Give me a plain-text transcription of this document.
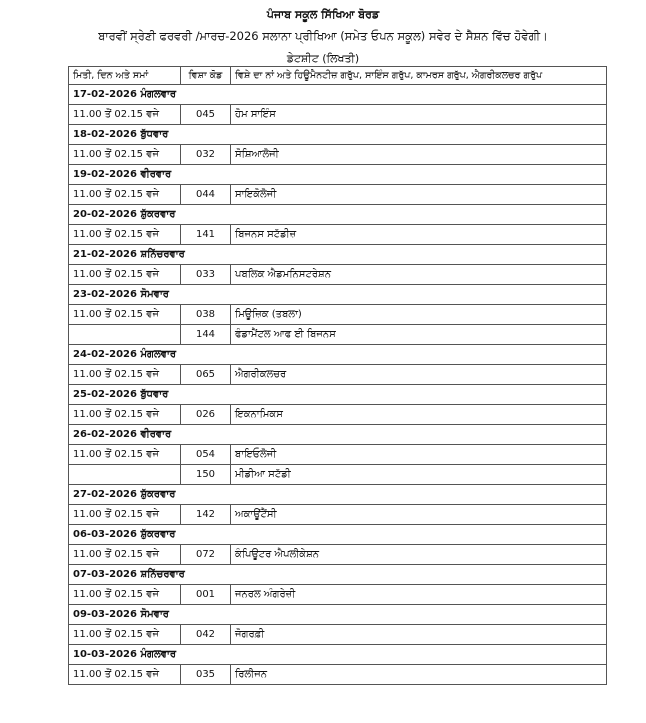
ਪੰਜਾਬ ਸਕੂਲ ਸਿੱਖਿਆ ਬੋਰਡ
ਬਾਰਵੀਂ ਸ੍ਰੇਣੀ ਫਰਵਰੀ /ਮਾਰਚ-2026 ਸਲਾਨਾ ਪ੍ਰੀਖਿਆ (ਸਮੇਤ ਓਪਨ ਸਕੂਲ) ਸਵੇਰ ਦੇ ਸੈਸ਼ਨ ਵਿੱਚ ਹੋਵੇਗੀ।
ਡੇਟਸ਼ੀਟ (ਲਿਖਤੀ)
ਮਿਤੀ, ਦਿਨ ਅਤੇ ਸਮਾਂ	ਵਿਸ਼ਾ ਕੋਡ	ਵਿਸ਼ੇ ਦਾ ਨਾਂ ਅਤੇ ਹਿਊਮੈਨਟੀਜ਼ ਗਰੁੱਪ, ਸਾਇੰਸ ਗਰੁੱਪ, ਕਾਮਰਸ ਗਰੁੱਪ, ਐਗਰੀਕਲਚਰ ਗਰੁੱਪ
17-02-2026 ਮੰਗਲਵਾਰ		
11.00 ਤੋਂ 02.15 ਵਜੇ	045	ਹੋਮ ਸਾਇੰਸ
18-02-2026 ਬੁੱਧਵਾਰ		
11.00 ਤੋਂ 02.15 ਵਜੇ	032	ਸੋਸ਼ਿਆਲੋਜੀ
19-02-2026 ਵੀਰਵਾਰ		
11.00 ਤੋਂ 02.15 ਵਜੇ	044	ਸਾਇਕੋਲੋਜੀ
20-02-2026 ਸ਼ੁੱਕਰਵਾਰ		
11.00 ਤੋਂ 02.15 ਵਜੇ	141	ਬਿਜਨਸ ਸਟੱਡੀਜ਼
21-02-2026 ਸ਼ਨਿੱਚਰਵਾਰ		
11.00 ਤੋਂ 02.15 ਵਜੇ	033	ਪਬਲਿਕ ਐਡਮਨਿਸਟਰੇਸ਼ਨ
23-02-2026 ਸੋਮਵਾਰ		
11.00 ਤੋਂ 02.15 ਵਜੇ	038	ਮਿਊਜ਼ਿਕ (ਤਬਲਾ)
	144	ਫੰਡਾਮੈਂਟਲ ਆਫ ਈ ਬਿਜਨਸ
24-02-2026 ਮੰਗਲਵਾਰ		
11.00 ਤੋਂ 02.15 ਵਜੇ	065	ਐਗਰੀਕਲਚਰ
25-02-2026 ਬੁੱਧਵਾਰ		
11.00 ਤੋਂ 02.15 ਵਜੇ	026	ਇਕਨਾਮਿਕਸ
26-02-2026 ਵੀਰਵਾਰ		
11.00 ਤੋਂ 02.15 ਵਜੇ	054	ਬਾਇਓਲੋਜੀ
	150	ਮੀਡੀਆ ਸਟੱਡੀ
27-02-2026 ਸ਼ੁੱਕਰਵਾਰ		
11.00 ਤੋਂ 02.15 ਵਜੇ	142	ਅਕਾਊਂਟੈਂਸੀ
06-03-2026 ਸ਼ੁੱਕਰਵਾਰ		
11.00 ਤੋਂ 02.15 ਵਜੇ	072	ਕੰਪਿਊਟਰ ਐਪਲੀਕੇਸ਼ਨ
07-03-2026 ਸ਼ਨਿੱਚਰਵਾਰ		
11.00 ਤੋਂ 02.15 ਵਜੇ	001	ਜਨਰਲ ਅੰਗਰੇਜ਼ੀ
09-03-2026 ਸੋਮਵਾਰ		
11.00 ਤੋਂ 02.15 ਵਜੇ	042	ਜੋਗਰਫ਼ੀ
10-03-2026 ਮੰਗਲਵਾਰ		
11.00 ਤੋਂ 02.15 ਵਜੇ	035	ਰਿਲੀਜਨ
